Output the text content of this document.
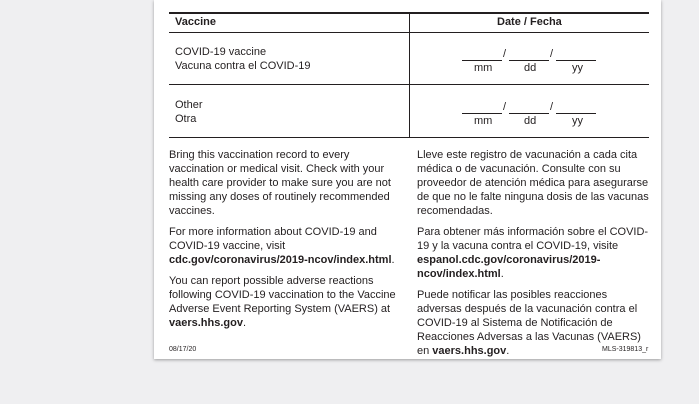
Vaccine	Date / Fecha
COVID-19 vaccine
Vacuna contra el COVID-19
/	/
mm	dd	yy
Other
Otra
/	/
mm	dd	yy

Bring this vaccination record to every vaccination or medical visit. Check with your health care provider to make sure you are not missing any doses of routinely recommended vaccines.

For more information about COVID-19 and COVID-19 vaccine, visit cdc.gov/coronavirus/2019-ncov/index.html.

You can report possible adverse reactions following COVID-19 vaccination to the Vaccine Adverse Event Reporting System (VAERS) at vaers.hhs.gov.

Lleve este registro de vacunación a cada cita médica o de vacunación. Consulte con su proveedor de atención médica para asegurarse de que no le falte ninguna dosis de las vacunas recomendadas.

Para obtener más información sobre el COVID-19 y la vacuna contra el COVID-19, visite espanol.cdc.gov/coronavirus/2019-ncov/index.html.

Puede notificar las posibles reacciones adversas después de la vacunación contra el COVID-19 al Sistema de Notificación de Reacciones Adversas a las Vacunas (VAERS) en vaers.hhs.gov.

08/17/20	MLS-319813_r
